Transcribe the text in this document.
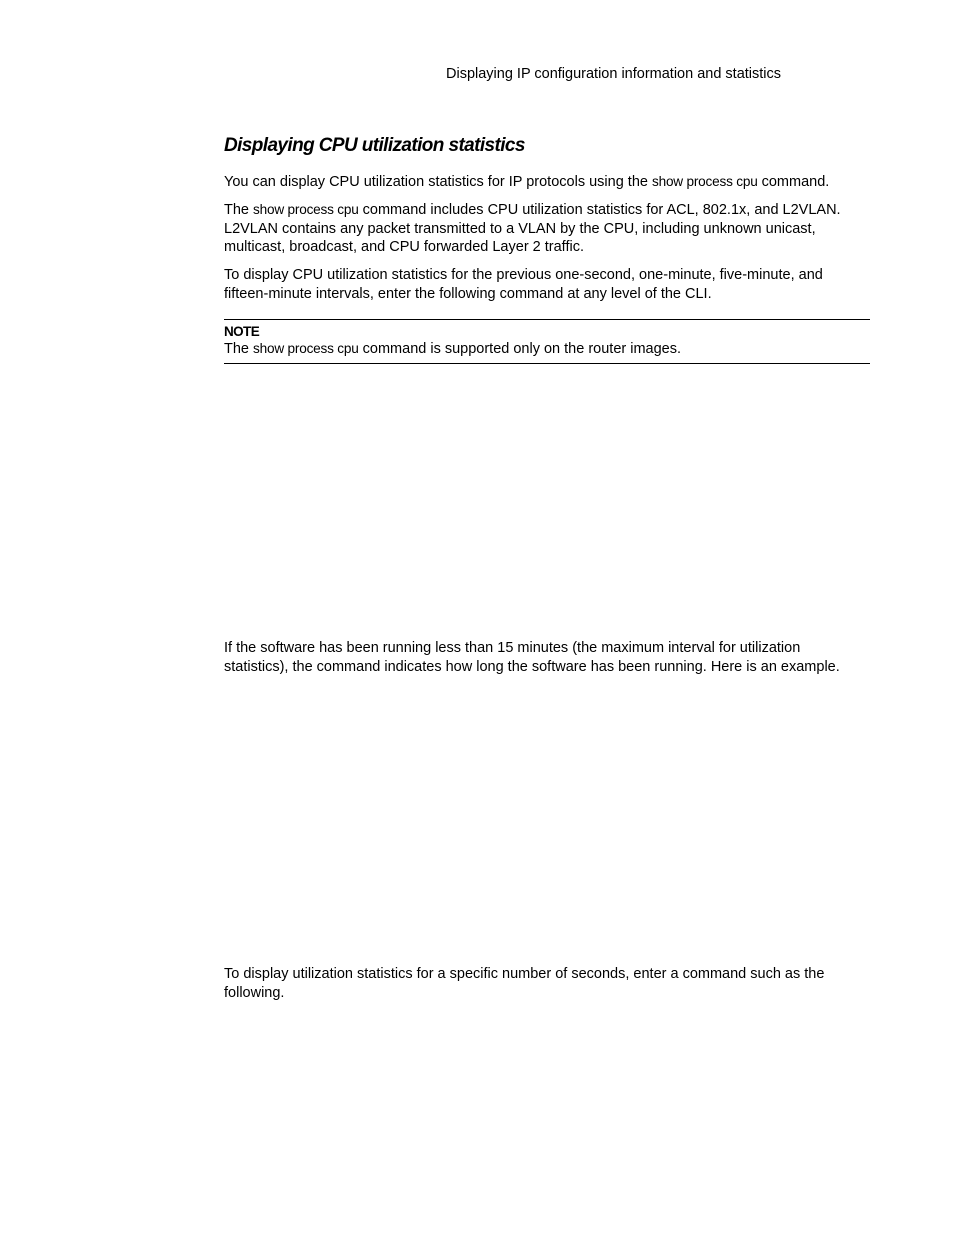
Displaying IP configuration information and statistics
Displaying CPU utilization statistics

You can display CPU utilization statistics for IP protocols using the show process cpu command.

The show process cpu command includes CPU utilization statistics for ACL, 802.1x, and L2VLAN.
L2VLAN contains any packet transmitted to a VLAN by the CPU, including unknown unicast,
multicast, broadcast, and CPU forwarded Layer 2 traffic.

To display CPU utilization statistics for the previous one-second, one-minute, five-minute, and
fifteen-minute intervals, enter the following command at any level of the CLI.

NOTE
The show process cpu command is supported only on the router images.

If the software has been running less than 15 minutes (the maximum interval for utilization
statistics), the command indicates how long the software has been running. Here is an example.

To display utilization statistics for a specific number of seconds, enter a command such as the
following.
